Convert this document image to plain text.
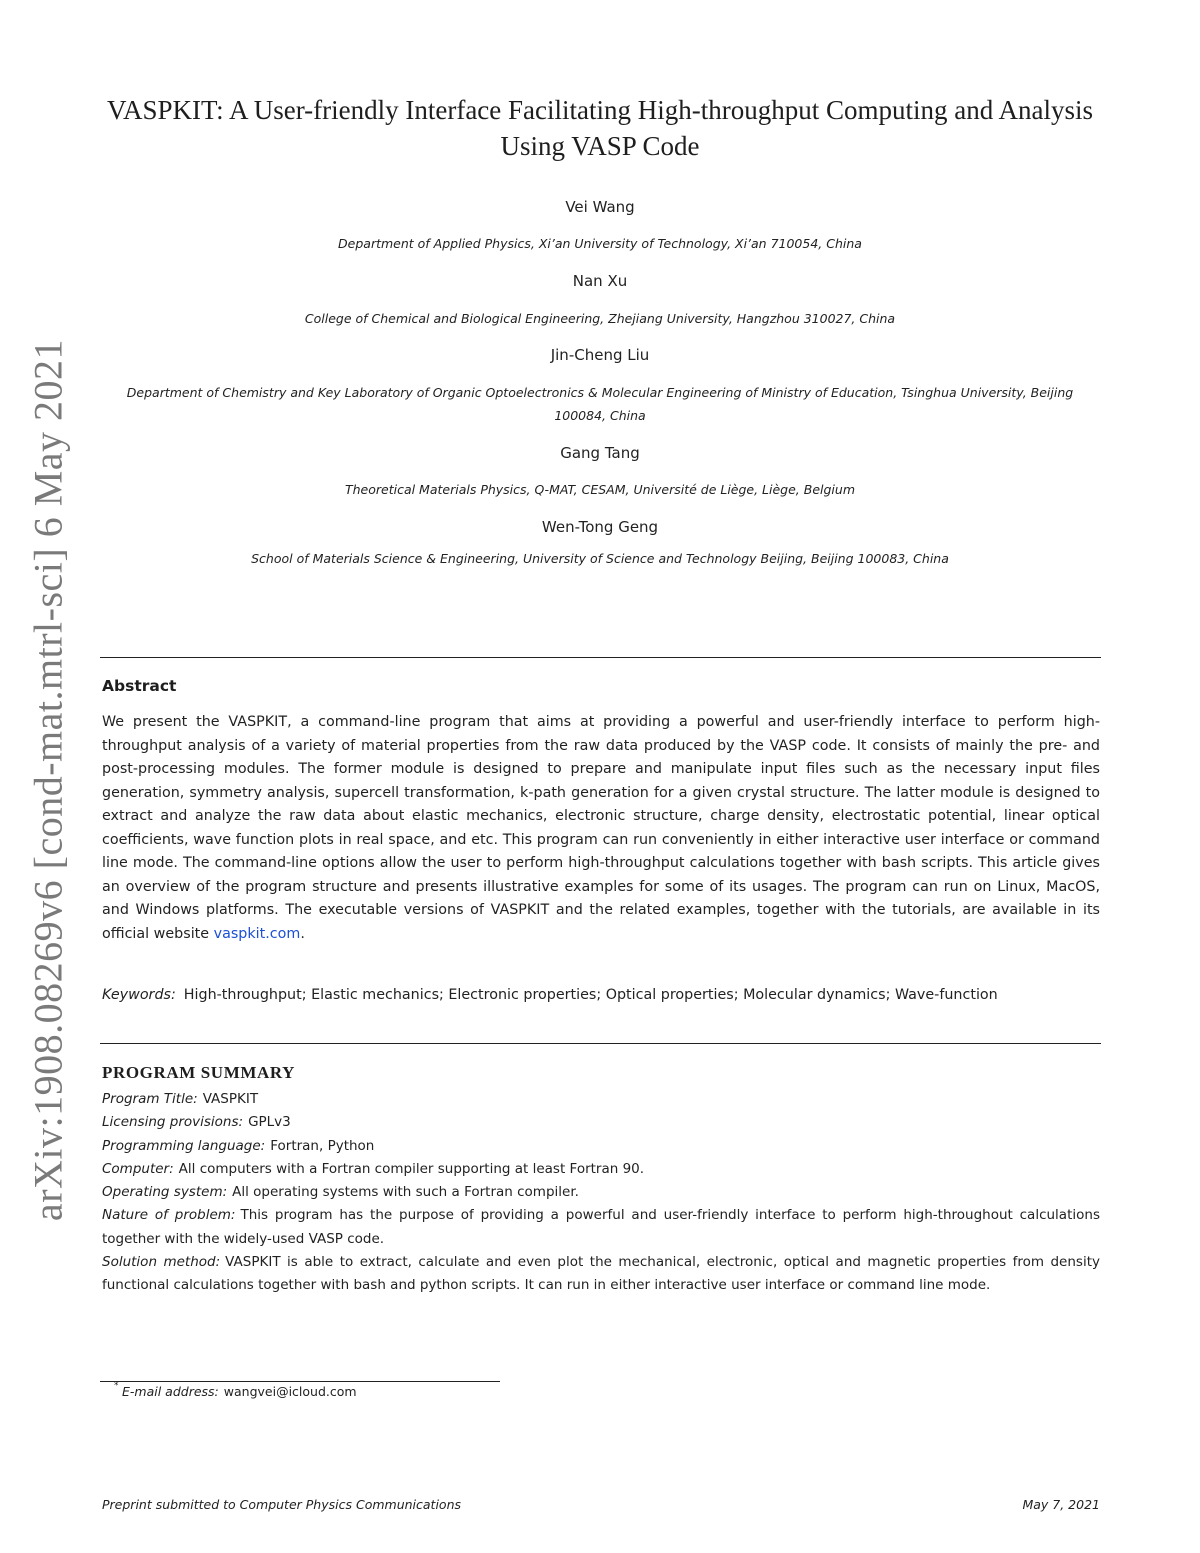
arXiv:1908.08269v6 [cond-mat.mtrl-sci] 6 May 2021
VASPKIT: A User-friendly Interface Facilitating High-throughput Computing and Analysis Using VASP Code
Vei Wang
Department of Applied Physics, Xi’an University of Technology, Xi’an 710054, China
Nan Xu
College of Chemical and Biological Engineering, Zhejiang University, Hangzhou 310027, China
Jin-Cheng Liu
Department of Chemistry and Key Laboratory of Organic Optoelectronics & Molecular Engineering of Ministry of Education, Tsinghua University, Beijing 100084, China
Gang Tang
Theoretical Materials Physics, Q-MAT, CESAM, Université de Liège, Liège, Belgium
Wen-Tong Geng
School of Materials Science & Engineering, University of Science and Technology Beijing, Beijing 100083, China
Abstract
We present the VASPKIT, a command-line program that aims at providing a powerful and user-friendly interface to perform high-throughput analysis of a variety of material properties from the raw data produced by the VASP code. It consists of mainly the pre- and post-processing modules. The former module is designed to prepare and manipulate input files such as the necessary input files generation, symmetry analysis, supercell transformation, k-path generation for a given crystal structure. The latter module is designed to extract and analyze the raw data about elastic mechanics, electronic structure, charge density, electrostatic potential, linear optical coefficients, wave function plots in real space, and etc. This program can run conveniently in either interactive user interface or command line mode. The command-line options allow the user to perform high-throughput calculations together with bash scripts. This article gives an overview of the program structure and presents illustrative examples for some of its usages. The program can run on Linux, MacOS, and Windows platforms. The executable versions of VASPKIT and the related examples, together with the tutorials, are available in its official website vaspkit.com.
Keywords: High-throughput; Elastic mechanics; Electronic properties; Optical properties; Molecular dynamics; Wave-function
PROGRAM SUMMARY
Program Title: VASPKIT
Licensing provisions: GPLv3
Programming language: Fortran, Python
Computer: All computers with a Fortran compiler supporting at least Fortran 90.
Operating system: All operating systems with such a Fortran compiler.
Nature of problem: This program has the purpose of providing a powerful and user-friendly interface to perform high-throughout calculations together with the widely-used VASP code.
Solution method: VASPKIT is able to extract, calculate and even plot the mechanical, electronic, optical and magnetic properties from density functional calculations together with bash and python scripts. It can run in either interactive user interface or command line mode.
* E-mail address: wangvei@icloud.com
Preprint submitted to Computer Physics Communications	May 7, 2021
